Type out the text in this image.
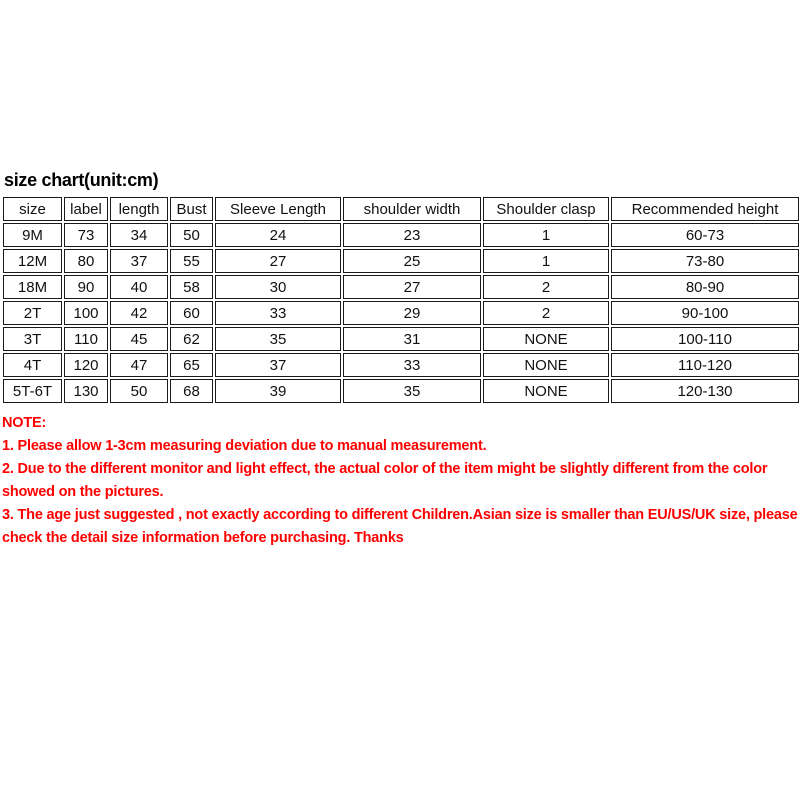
size chart(unit:cm)
size	label	length	Bust	Sleeve Length	shoulder width	Shoulder clasp	Recommended height
9M	73	34	50	24	23	1	60-73
12M	80	37	55	27	25	1	73-80
18M	90	40	58	30	27	2	80-90
2T	100	42	60	33	29	2	90-100
3T	110	45	62	35	31	NONE	100-110
4T	120	47	65	37	33	NONE	110-120
5T-6T	130	50	68	39	35	NONE	120-130
NOTE:
1. Please allow 1-3cm measuring deviation due to manual measurement.
2. Due to the different monitor and light effect, the actual color of the item might be slightly different from the color showed on the pictures.
3. The age just suggested , not exactly according to different Children.Asian size is smaller than EU/US/UK size, please check the detail size information before purchasing. Thanks
